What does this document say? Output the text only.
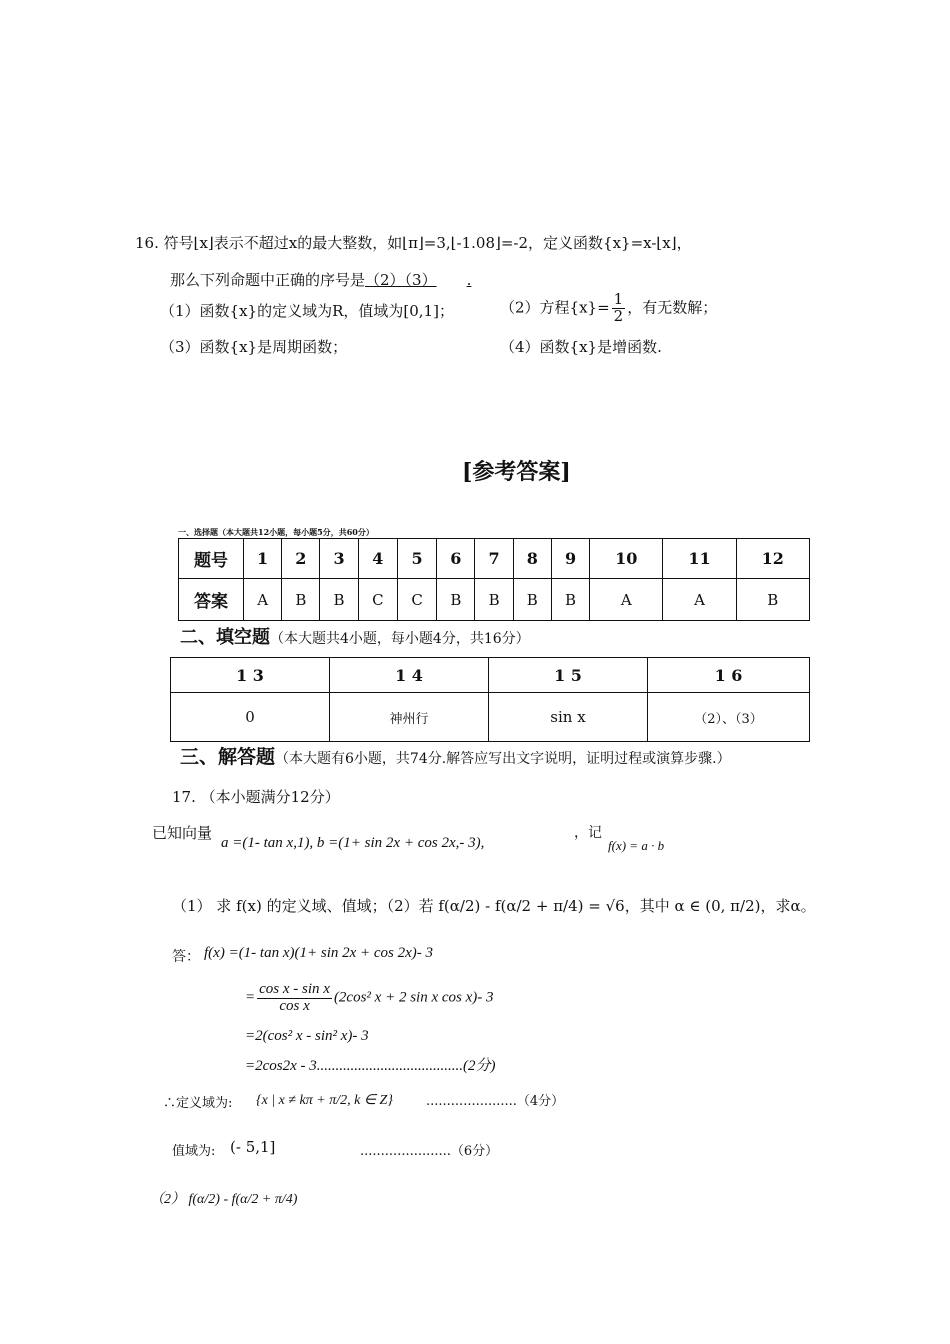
16. 符号⌊x⌋表示不超过x的最大整数，如⌊π⌋=3,⌊-1.08⌋=-2，定义函数{x}=x-⌊x⌋，
那么下列命题中正确的序号是（2）（3） .
（1）函数{x}的定义域为R，值域为[0,1]；	（2）方程$\{x\}= \frac{1}{2}$ ，有无数解；
（3）函数{x}是周期函数；	（4）函数{x}是增函数.
[参考答案]
一、选择题（本大题共12小题，每小题5分，共60分）
题号	1	2	3	4	5	6	7	8	9	10	11	12
答案	A	B	B	C	C	B	B	B	B	A	A	B
二、填空题（本大题共4小题，每小题4分，共16分）
1 3	1 4	1 5	1 6
0	神州行	sin x	（2）、（3）
三、解答题（本大题有6小题，共74分.解答应写出文字说明，证明过程或演算步骤.）
17. （本小题满分12分）
已知向量
a =(1- tan x,1), b =(1+ sin 2x + cos 2x,- 3),
，记
f(x) = a · b
（1） 求 f(x) 的定义域、值域；（2）若 f(α/2) - f(α/2 + π/4) = √6，其中 α ∈ (0, π/2)，求α。
答： f(x) =(1- tan x)(1+ sin 2x + cos 2x)- 3
= $\frac{\text{cos x - sin x}}{\text{cos x}} (2\cos^2$ x + 2 sin x cos x)- 3
=2(cos² x - sin² x)- 3
=2cos2x - 3.......................................(2分)
∴定义域为: {x | x ≠ kπ + π/2, k ∈ Z}	......................（4分）
值域为: (- 5,1]	......................（6分）
（2） f(α/2) - f(α/2 + π/4)
